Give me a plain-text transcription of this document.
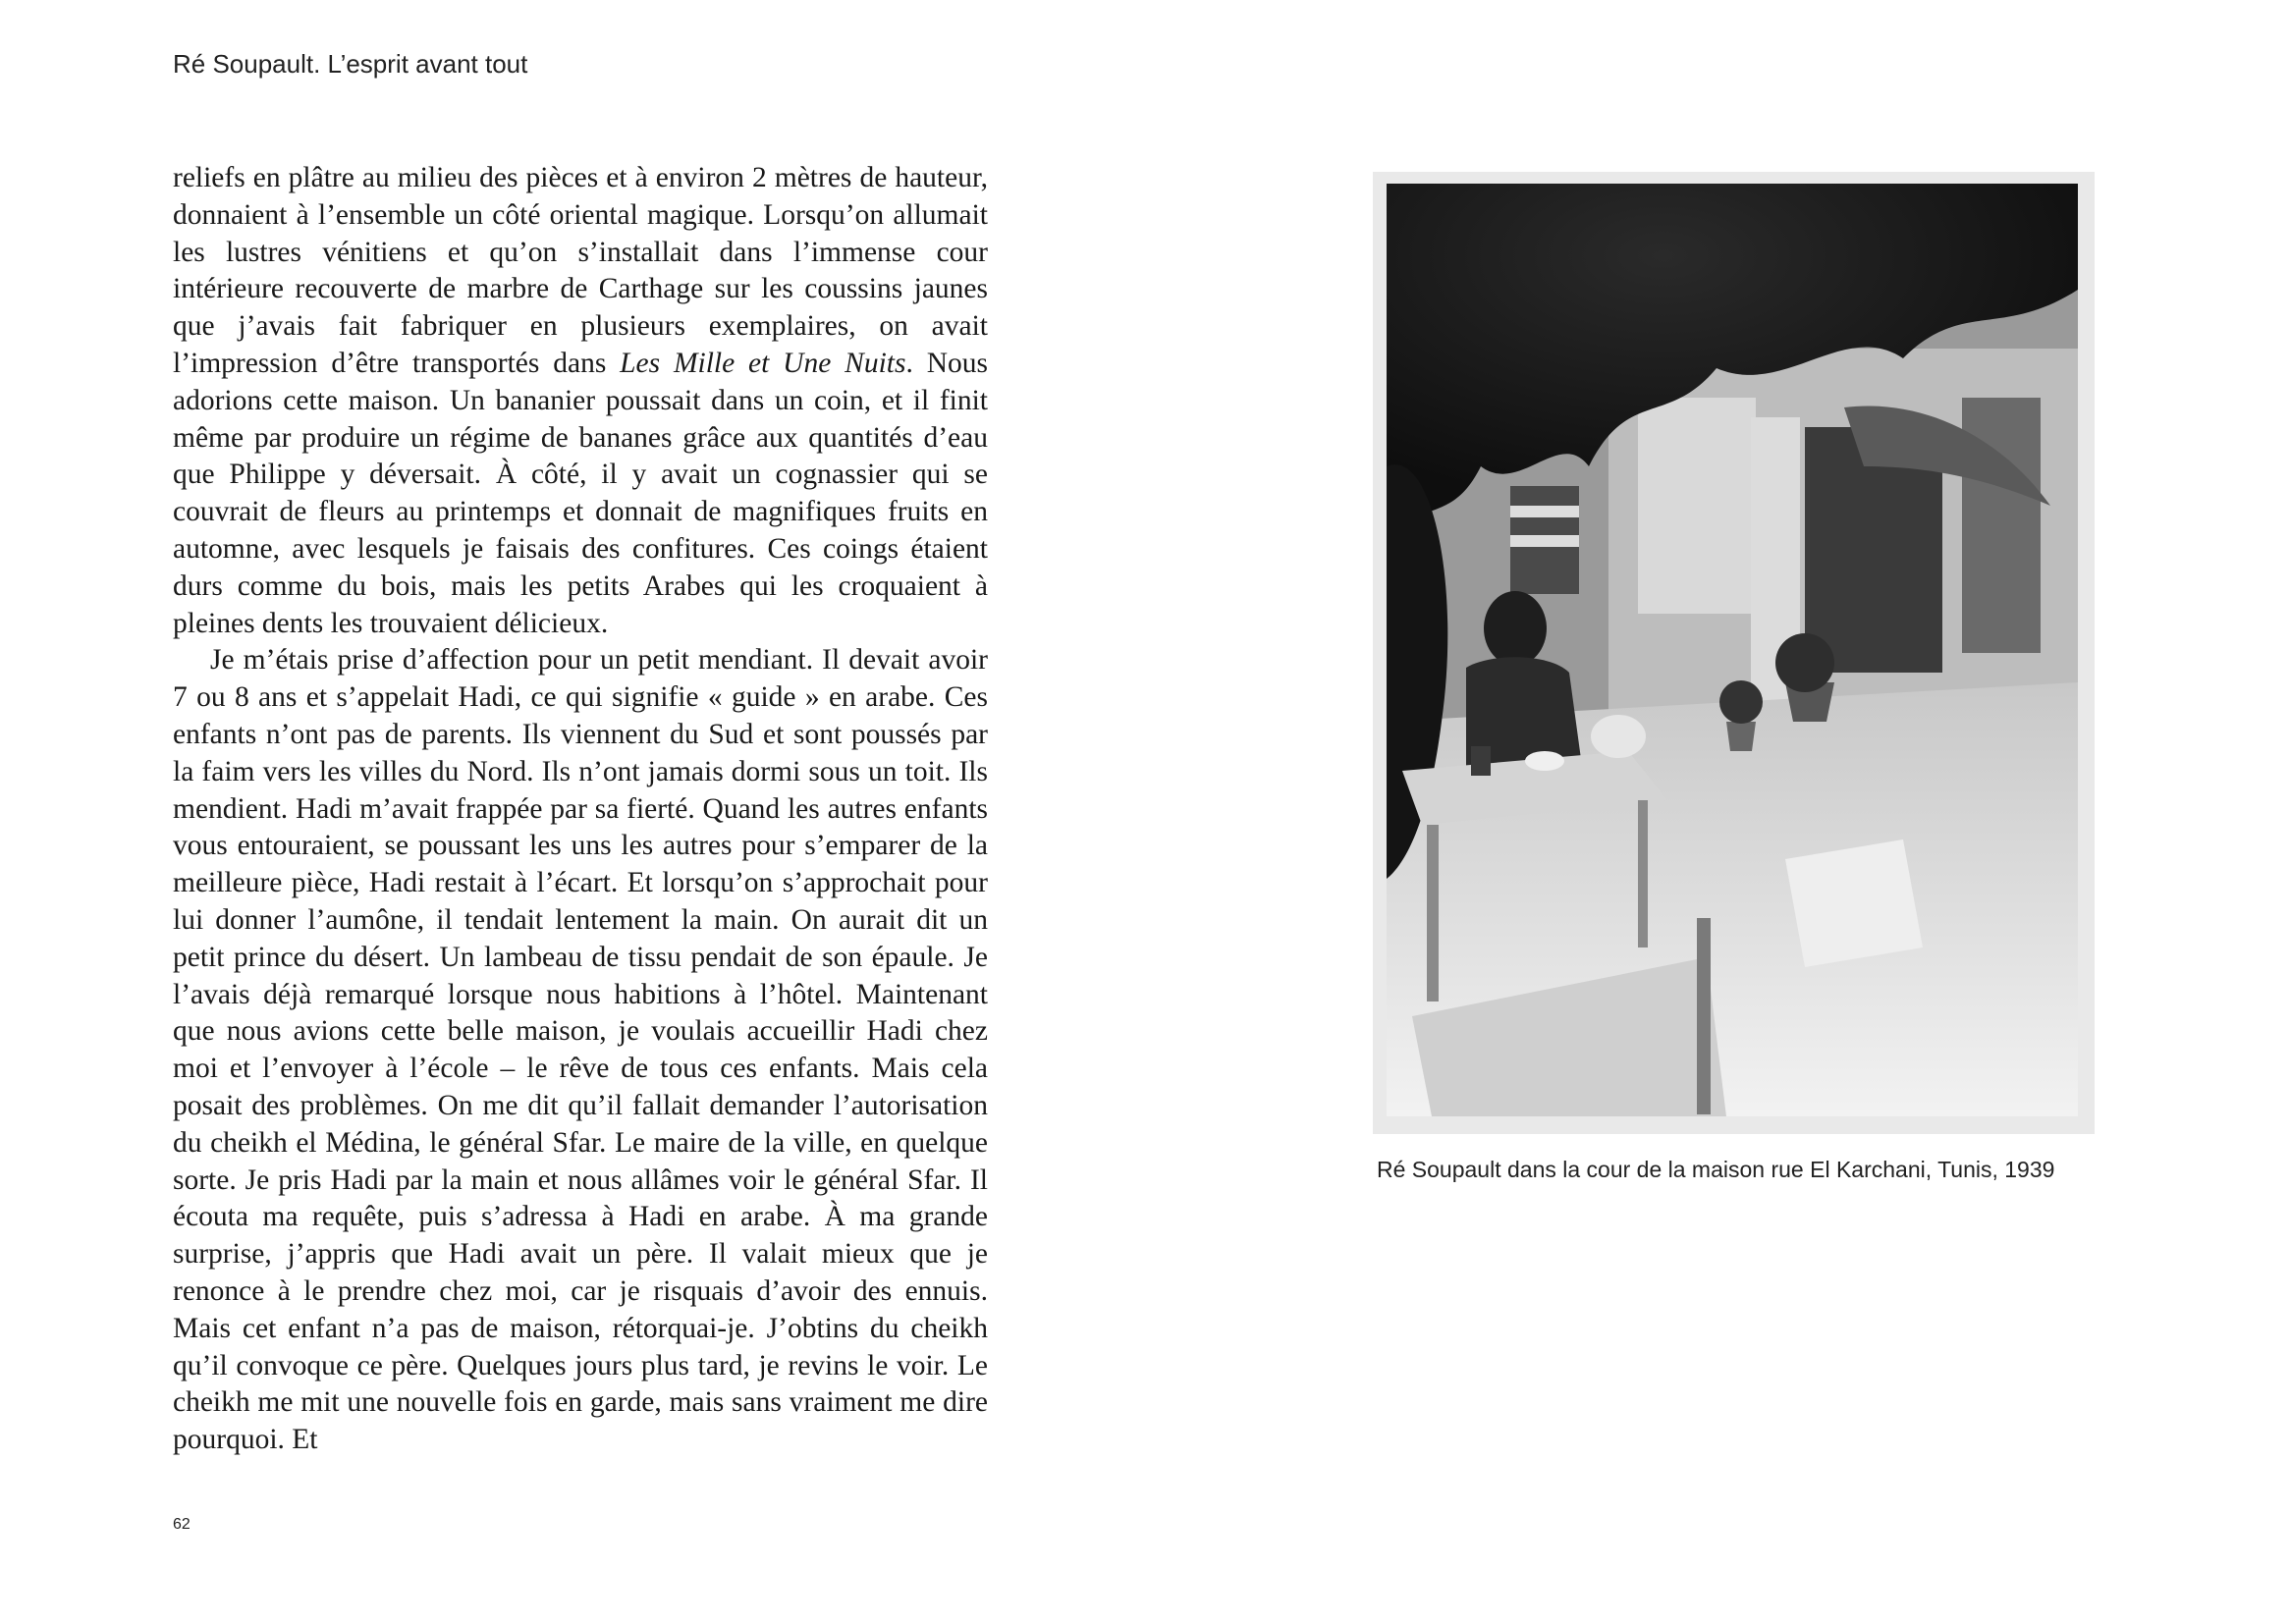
Ré Soupault. L’esprit avant tout

reliefs en plâtre au milieu des pièces et à environ 2 mètres de hauteur, donnaient à l’ensemble un côté oriental magique. Lorsqu’on allumait les lustres vénitiens et qu’on s’installait dans l’immense cour intérieure recouverte de marbre de Carthage sur les coussins jaunes que j’avais fait fabriquer en plusieurs exemplaires, on avait l’impression d’être transportés dans Les Mille et Une Nuits. Nous adorions cette maison. Un bananier poussait dans un coin, et il finit même par produire un régime de bananes grâce aux quantités d’eau que Philippe y déversait. À côté, il y avait un cognassier qui se couvrait de fleurs au printemps et donnait de magnifiques fruits en automne, avec lesquels je faisais des confitures. Ces coings étaient durs comme du bois, mais les petits Arabes qui les croquaient à pleines dents les trouvaient délicieux.

Je m’étais prise d’affection pour un petit mendiant. Il devait avoir 7 ou 8 ans et s’appelait Hadi, ce qui signifie « guide » en arabe. Ces enfants n’ont pas de parents. Ils viennent du Sud et sont poussés par la faim vers les villes du Nord. Ils n’ont jamais dormi sous un toit. Ils mendient. Hadi m’avait frappée par sa fierté. Quand les autres enfants vous entouraient, se poussant les uns les autres pour s’emparer de la meilleure pièce, Hadi restait à l’écart. Et lorsqu’on s’approchait pour lui donner l’aumône, il tendait lentement la main. On aurait dit un petit prince du désert. Un lambeau de tissu pendait de son épaule. Je l’avais déjà remarqué lorsque nous habitions à l’hôtel. Maintenant que nous avions cette belle maison, je voulais accueillir Hadi chez moi et l’envoyer à l’école – le rêve de tous ces enfants. Mais cela posait des problèmes. On me dit qu’il fallait demander l’autorisation du cheikh el Médina, le général Sfar. Le maire de la ville, en quelque sorte. Je pris Hadi par la main et nous allâmes voir le général Sfar. Il écouta ma requête, puis s’adressa à Hadi en arabe. À ma grande surprise, j’appris que Hadi avait un père. Il valait mieux que je renonce à le prendre chez moi, car je risquais d’avoir des ennuis. Mais cet enfant n’a pas de maison, rétorquai-je. J’obtins du cheikh qu’il convoque ce père. Quelques jours plus tard, je revins le voir. Le cheikh me mit une nouvelle fois en garde, mais sans vraiment me dire pourquoi. Et

Ré Soupault dans la cour de la maison rue El Karchani, Tunis, 1939
62
